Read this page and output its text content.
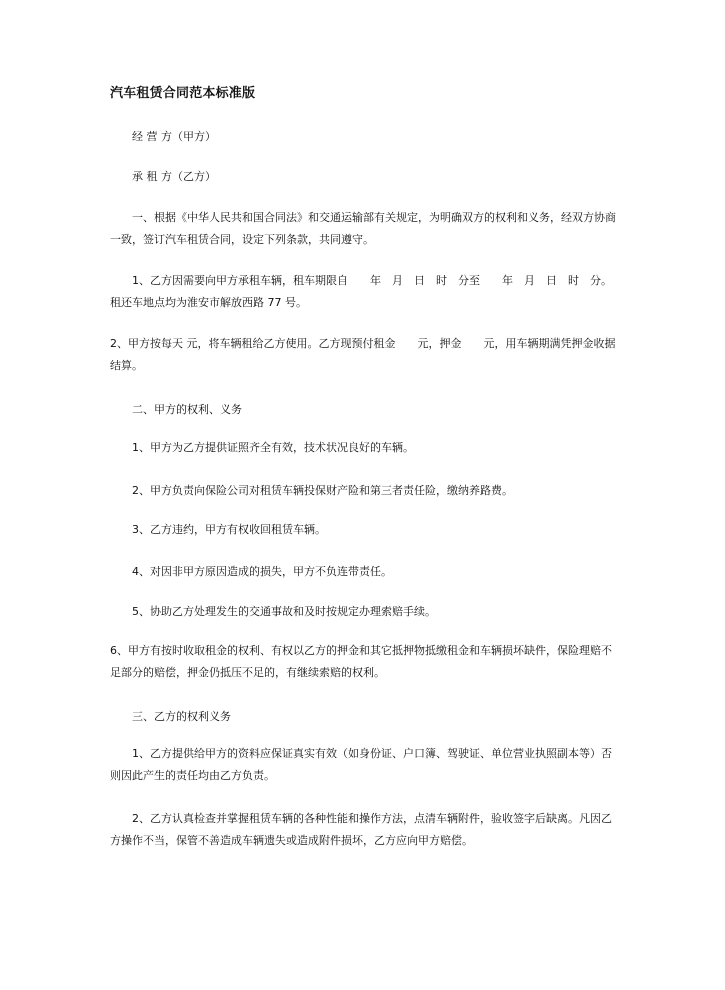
汽车租赁合同范本标准版
经 营 方（甲方）
承 租 方（乙方）
一、根据《中华人民共和国合同法》和交通运输部有关规定，为明确双方的权利和义务，经双方协商一致，签订汽车租赁合同，设定下列条款，共同遵守。
1、乙方因需要向甲方承租车辆，租车期限自　　年　月　日　时　分至　　年　月　日　时　分。租还车地点均为淮安市解放西路 77 号。
2、甲方按每天 元，将车辆租给乙方使用。乙方现预付租金　　元，押金　　元，用车辆期满凭押金收据结算。
二、甲方的权利、义务
1、甲方为乙方提供证照齐全有效，技术状况良好的车辆。
2、甲方负责向保险公司对租赁车辆投保财产险和第三者责任险，缴纳养路费。
3、乙方违约，甲方有权收回租赁车辆。
4、对因非甲方原因造成的损失，甲方不负连带责任。
5、协助乙方处理发生的交通事故和及时按规定办理索赔手续。
6、甲方有按时收取租金的权利、有权以乙方的押金和其它抵押物抵缴租金和车辆损坏缺件，保险理赔不足部分的赔偿，押金仍抵压不足的，有继续索赔的权利。
三、乙方的权利义务
1、乙方提供给甲方的资料应保证真实有效（如身份证、户口簿、驾驶证、单位营业执照副本等）否则因此产生的责任均由乙方负责。
2、乙方认真检查并掌握租赁车辆的各种性能和操作方法，点清车辆附件，验收签字后缺离。凡因乙方操作不当，保管不善造成车辆遗失或造成附件损坏，乙方应向甲方赔偿。
